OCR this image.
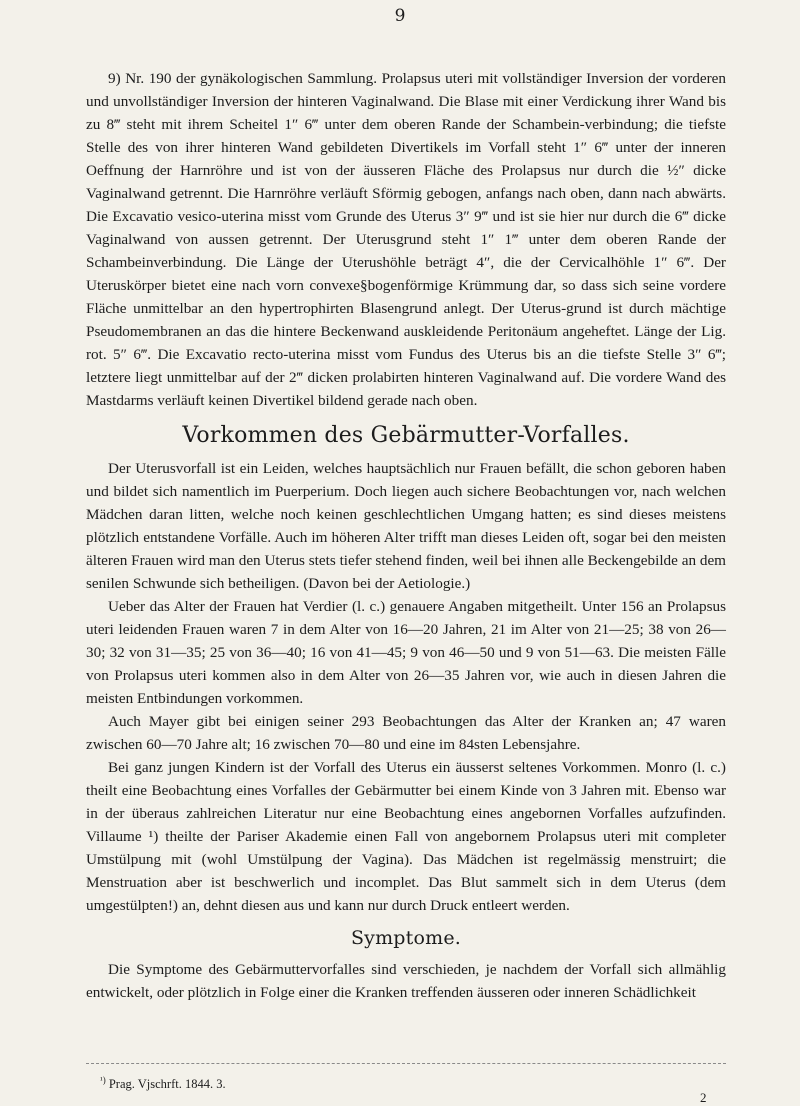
9

9) Nr. 190 der gynäkologischen Sammlung. Prolapsus uteri mit vollständiger Inversion der vorderen und unvollständiger Inversion der hinteren Vaginalwand. Die Blase mit einer Verdickung ihrer Wand bis zu 8‴ steht mit ihrem Scheitel 1″ 6‴ unter dem oberen Rande der Schambein-verbindung; die tiefste Stelle des von ihrer hinteren Wand gebildeten Divertikels im Vorfall steht 1″ 6‴ unter der inneren Oeffnung der Harnröhre und ist von der äusseren Fläche des Prolapsus nur durch die ½″ dicke Vaginalwand getrennt. Die Harnröhre verläuft Sförmig gebogen, anfangs nach oben, dann nach abwärts. Die Excavatio vesico-uterina misst vom Grunde des Uterus 3″ 9‴ und ist sie hier nur durch die 6‴ dicke Vaginalwand von aussen getrennt. Der Uterusgrund steht 1″ 1‴ unter dem oberen Rande der Schambeinverbindung. Die Länge der Uterushöhle beträgt 4″, die der Cervicalhöhle 1″ 6‴. Der Uteruskörper bietet eine nach vorn convexe§bogenförmige Krümmung dar, so dass sich seine vordere Fläche unmittelbar an den hypertrophirten Blasengrund anlegt. Der Uterus-grund ist durch mächtige Pseudomembranen an das die hintere Beckenwand auskleidende Peritonäum angeheftet. Länge der Lig. rot. 5″ 6‴. Die Excavatio recto-uterina misst vom Fundus des Uterus bis an die tiefste Stelle 3″ 6‴; letztere liegt unmittelbar auf der 2‴ dicken prolabirten hinteren Vaginalwand auf. Die vordere Wand des Mastdarms verläuft keinen Divertikel bildend gerade nach oben.

Vorkommen des Gebärmutter-Vorfalles.

Der Uterusvorfall ist ein Leiden, welches hauptsächlich nur Frauen befällt, die schon geboren haben und bildet sich namentlich im Puerperium. Doch liegen auch sichere Beobachtungen vor, nach welchen Mädchen daran litten, welche noch keinen geschlechtlichen Umgang hatten; es sind dieses meistens plötzlich entstandene Vorfälle. Auch im höheren Alter trifft man dieses Leiden oft, sogar bei den meisten älteren Frauen wird man den Uterus stets tiefer stehend finden, weil bei ihnen alle Beckengebilde an dem senilen Schwunde sich betheiligen. (Davon bei der Aetiologie.)

Ueber das Alter der Frauen hat Verdier (l. c.) genauere Angaben mitgetheilt. Unter 156 an Prolapsus uteri leidenden Frauen waren 7 in dem Alter von 16—20 Jahren, 21 im Alter von 21—25; 38 von 26—30; 32 von 31—35; 25 von 36—40; 16 von 41—45; 9 von 46—50 und 9 von 51—63. Die meisten Fälle von Prolapsus uteri kommen also in dem Alter von 26—35 Jahren vor, wie auch in diesen Jahren die meisten Entbindungen vorkommen.

Auch Mayer gibt bei einigen seiner 293 Beobachtungen das Alter der Kranken an; 47 waren zwischen 60—70 Jahre alt; 16 zwischen 70—80 und eine im 84sten Lebensjahre.

Bei ganz jungen Kindern ist der Vorfall des Uterus ein äusserst seltenes Vorkommen. Monro (l. c.) theilt eine Beobachtung eines Vorfalles der Gebärmutter bei einem Kinde von 3 Jahren mit. Ebenso war in der überaus zahlreichen Literatur nur eine Beobachtung eines angebornen Vorfalles aufzufinden. Villaume ¹) theilte der Pariser Akademie einen Fall von angebornem Prolapsus uteri mit completer Umstülpung mit (wohl Umstülpung der Vagina). Das Mädchen ist regelmässig menstruirt; die Menstruation aber ist beschwerlich und incomplet. Das Blut sammelt sich in dem Uterus (dem umgestülpten!) an, dehnt diesen aus und kann nur durch Druck entleert werden.

Symptome.

Die Symptome des Gebärmuttervorfalles sind verschieden, je nachdem der Vorfall sich allmählig entwickelt, oder plötzlich in Folge einer die Kranken treffenden äusseren oder inneren Schädlichkeit

$^{^1)}$ Prag. Vjschrft. 1844. 3.
2
